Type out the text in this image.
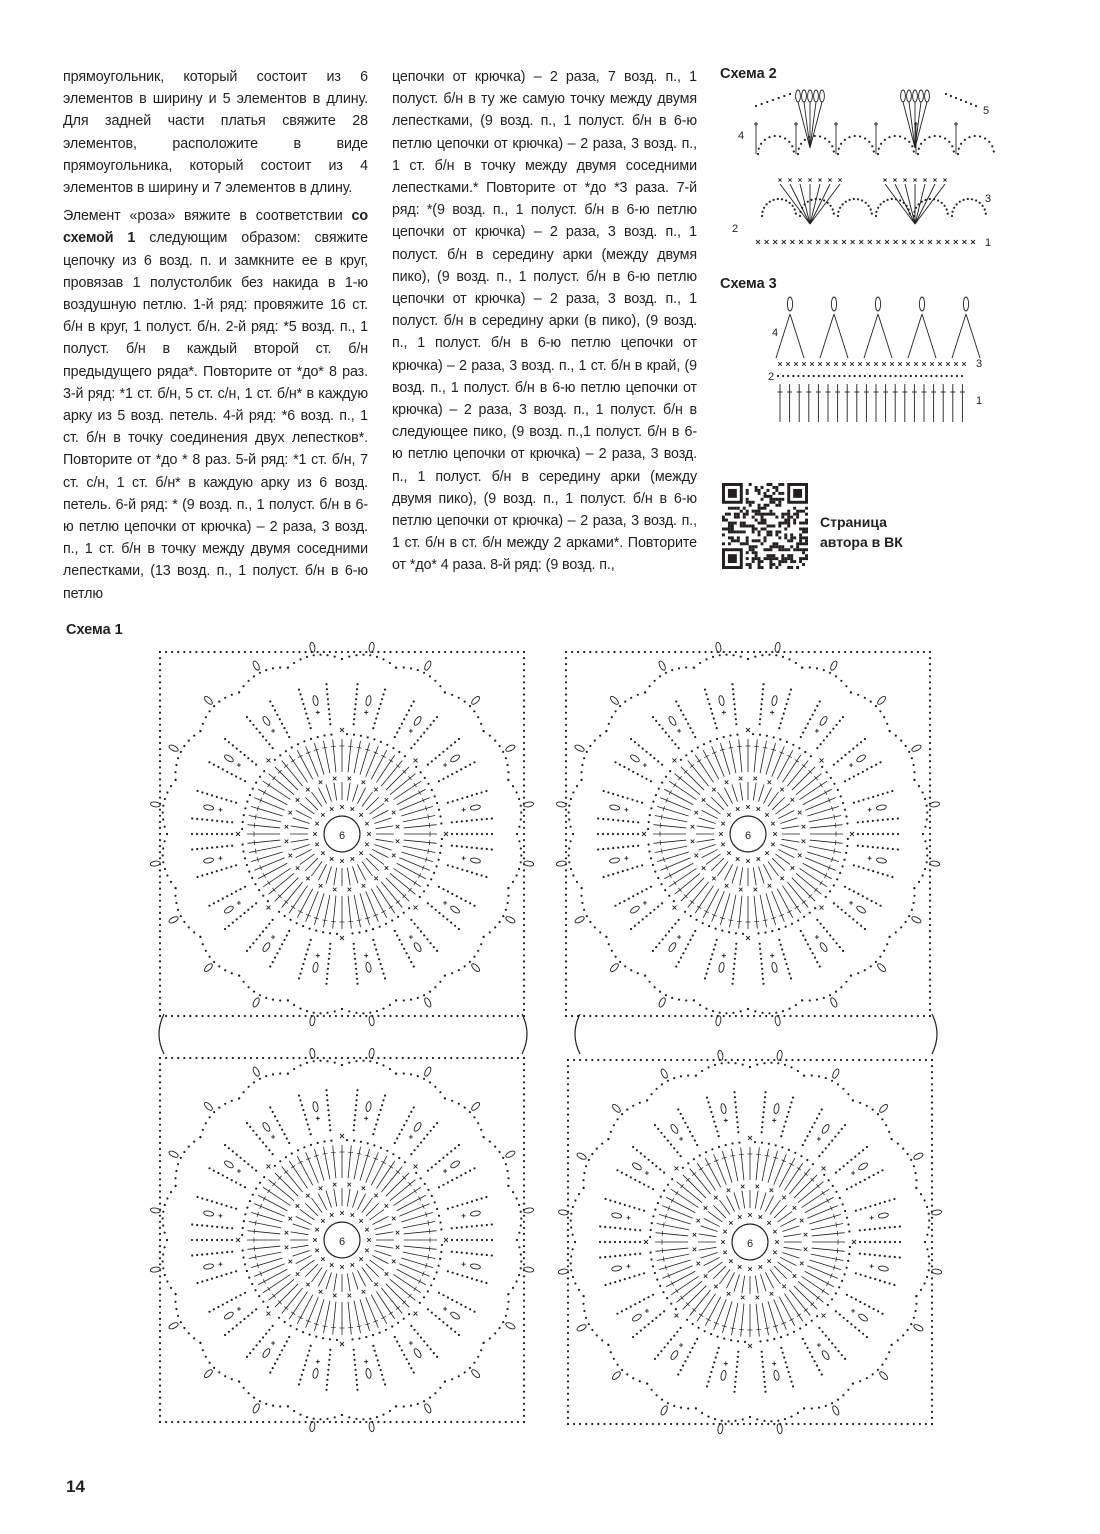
прямоугольник, который состоит из 6 элементов в ширину и 5 элементов в длину. Для задней части платья свяжите 28 элементов, расположите в виде прямоугольника, который состоит из 4 элементов в ширину и 7 элементов в длину.

Элемент «роза» вяжите в соответствии со схемой 1 следующим образом: свяжите цепочку из 6 возд. п. и замкните ее в круг, провязав 1 полустолбик без накида в 1-ю воздушную петлю. 1-й ряд: провяжите 16 ст. б/н в круг, 1 полуст. б/н. 2-й ряд: *5 возд. п., 1 полуст. б/н в каждый второй ст. б/н предыдущего ряда*. Повторите от *до* 8 раз. 3-й ряд: *1 ст. б/н, 5 ст. с/н, 1 ст. б/н* в каждую арку из 5 возд. петель. 4-й ряд: *6 возд. п., 1 ст. б/н в точку соединения двух лепестков*. Повторите от *до * 8 раз. 5-й ряд: *1 ст. б/н, 7 ст. с/н, 1 ст. б/н* в каждую арку из 6 возд. петель. 6-й ряд: * (9 возд. п., 1 полуст. б/н в 6-ю петлю цепочки от крючка) – 2 раза, 3 возд. п., 1 ст. б/н в точку между двумя соседними лепестками, (13 возд. п., 1 полуст. б/н в 6-ю петлю

цепочки от крючка) – 2 раза, 7 возд. п., 1 полуст. б/н в ту же самую точку между двумя лепестками, (9 возд. п., 1 полуст. б/н в 6-ю петлю цепочки от крючка) – 2 раза, 3 возд. п., 1 ст. б/н в точку между двумя соседними лепестками.* Повторите от *до *3 раза. 7-й ряд: *(9 возд. п., 1 полуст. б/н в 6-ю петлю цепочки от крючка) – 2 раза, 3 возд. п., 1 полуст. б/н в середину арки (между двумя пико), (9 возд. п., 1 полуст. б/н в 6-ю петлю цепочки от крючка) – 2 раза, 3 возд. п., 1 полуст. б/н в середину арки (в пико), (9 возд. п., 1 полуст. б/н в 6-ю петлю цепочки от крючка) – 2 раза, 3 возд. п., 1 ст. б/н в край, (9 возд. п., 1 полуст. б/н в 6-ю петлю цепочки от крючка) – 2 раза, 3 возд. п., 1 полуст. б/н в следующее пико, (9 возд. п.,1 полуст. б/н в 6-ю петлю цепочки от крючка) – 2 раза, 3 возд. п., 1 полуст. б/н в середину арки (между двумя пико), (9 возд. п., 1 полуст. б/н в 6-ю петлю цепочки от крючка) – 2 раза, 3 возд. п., 1 ст. б/н в ст. б/н между 2 арками*. Повторите от *до* 4 раза. 8-й ряд: (9 возд. п.,

Схема 2
2
4
1
3
5
Схема 3
4
2
3
1
Страница
автора в ВК
Схема 1
6	6
6	6
14
